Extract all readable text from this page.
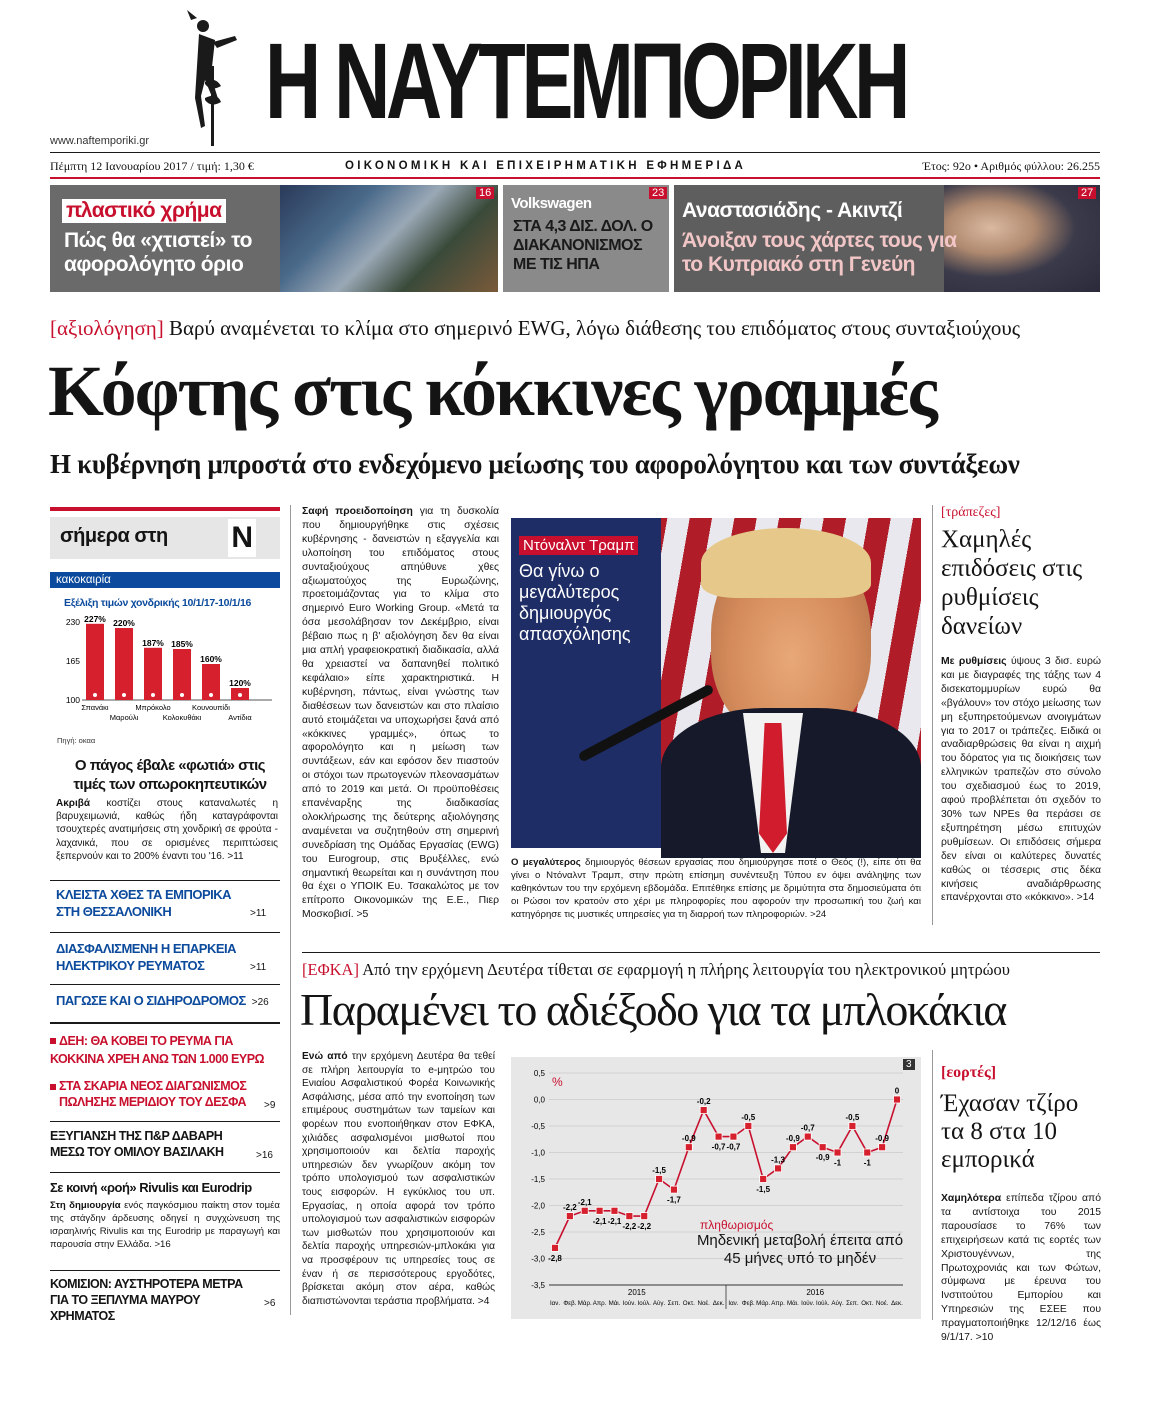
www.naftemporiki.gr Η ΝΑΥΤΕΜΠΟΡΙΚΗ
Πέμπτη 12 Ιανουαρίου 2017 / τιμή: 1,30 €	ΟΙΚΟΝΟΜΙΚΗ ΚΑΙ ΕΠΙΧΕΙΡΗΜΑΤΙΚΗ ΕΦΗΜΕΡΙΔΑ	Έτος: 92ο • Αριθμός φύλλου: 26.255
πλαστικό χρήμα
Πώς θα «χτιστεί» το αφορολόγητο όριο
16
Volkswagen
ΣΤΑ 4,3 ΔΙΣ. ΔΟΛ. Ο ΔΙΑΚΑΝΟΝΙΣΜΟΣ ΜΕ ΤΙΣ ΗΠΑ
23
Αναστασιάδης - Ακιντζί
Άνοιξαν τους χάρτες τους για το Κυπριακό στη Γενεύη
27
[αξιολόγηση] Βαρύ αναμένεται το κλίμα στο σημερινό EWG, λόγω διάθεσης του επιδόματος στους συνταξιούχους
Κόφτης στις κόκκινες γραμμές
Η κυβέρνηση μπροστά στο ενδεχόμενο μείωσης του αφορολόγητου και των συντάξεων
Σαφή προειδοποίηση για τη δυσκολία που δημιουργήθηκε στις σχέσεις κυβέρνησης - δανειστών η εξαγγελία και υλοποίηση του επιδόματος στους συνταξιούχους απηύθυνε χθες αξιωματούχος της Ευρωζώνης, προετοιμάζοντας για το κλίμα στο σημερινό Euro Working Group. «Μετά τα όσα μεσολάβησαν τον Δεκέμβριο, είναι βέβαιο πως η β' αξιολόγηση δεν θα είναι μια απλή γραφειοκρατική διαδικασία, αλλά θα χρειαστεί να δαπανηθεί πολιτικό κεφάλαιο» είπε χαρακτηριστικά. Η κυβέρνηση, πάντως, είναι γνώστης των διαθέσεων των δανειστών και στο πλαίσιο αυτό ετοιμάζεται να υποχωρήσει ξανά από «κόκκινες γραμμές», όπως το αφορολόγητο και η μείωση των συντάξεων, εάν και εφόσον δεν πιαστούν οι στόχοι των πρωτογενών πλεονασμάτων από το 2019 και μετά. Οι προϋποθέσεις επανέναρξης της διαδικασίας ολοκλήρωσης της δεύτερης αξιολόγησης αναμένεται να συζητηθούν στη σημερινή συνεδρίαση της Ομάδας Εργασίας (EWG) του Eurogroup, στις Βρυξέλλες, ενώ σημαντική θεωρείται και η συνάντηση που θα έχει ο ΥΠΟΙΚ Ευ. Τσακαλώτος με τον επίτροπο Οικονομικών της Ε.Ε., Πιερ Μοσκοβισί. >5
Ντόναλντ Τραμπ
Θα γίνω ο μεγαλύτερος δημιουργός απασχόλησης
Ο μεγαλύτερος δημιουργός θέσεων εργασίας που δημιούργησε ποτέ ο Θεός (!), είπε ότι θα γίνει ο Ντόναλντ Τραμπ, στην πρώτη επίσημη συνέντευξη Τύπου εν όψει ανάληψης των καθηκόντων του την ερχόμενη εβδομάδα. Επιτέθηκε επίσης με δριμύτητα στα δημοσιεύματα ότι οι Ρώσοι τον κρατούν στο χέρι με πληροφορίες που αφορούν την προσωπική του ζωή και κατηγόρησε τις μυστικές υπηρεσίες για τη διαρροή των πληροφοριών. >24
[τράπεζες]
Χαμηλές επιδόσεις στις ρυθμίσεις δανείων
Με ρυθμίσεις ύψους 3 δισ. ευρώ και με διαγραφές της τάξης των 4 δισεκατομμυρίων ευρώ θα «βγάλουν» τον στόχο μείωσης των μη εξυπηρετούμενων ανοιγμάτων για το 2017 οι τράπεζες. Ειδικά οι αναδιαρθρώσεις θα είναι η αιχμή του δόρατος για τις διοικήσεις των ελληνικών τραπεζών στο σύνολο του σχεδιασμού έως το 2019, αφού προβλέπεται ότι σχεδόν το 30% των NPEs θα περάσει σε εξυπηρέτηση μέσω επιτυχών ρυθμίσεων. Οι επιδόσεις σήμερα δεν είναι οι καλύτερες δυνατές καθώς οι τέσσερις στις δέκα κινήσεις αναδιάρθρωσης επανέρχονται στο «κόκκινο». >14
σήμερα στη Ν
κακοκαιρία
Εξέλιξη τιμών χονδρικής 10/1/17-10/1/16
230
165
100
227%
Σπανάκι
220%
Μαρούλι
187%
Μπρόκολο
185%
Κολοκυθάκι
160%
Κουνουπίδι
120%
Αντίδια
Πηγή: οκαα
Ο πάγος έβαλε «φωτιά» στις τιμές των οπωροκηπευτικών
Ακριβά κοστίζει στους καταναλωτές η βαρυχειμωνιά, καθώς ήδη καταγράφονται τσουχτερές ανατιμήσεις στη χονδρική σε φρούτα - λαχανικά, που σε ορισμένες περιπτώσεις ξεπερνούν και το 200% έναντι του '16. >11
ΚΛΕΙΣΤΑ ΧΘΕΣ ΤΑ ΕΜΠΟΡΙΚΑ ΣΤΗ ΘΕΣΣΑΛΟΝΙΚΗ	>11
ΔΙΑΣΦΑΛΙΣΜΕΝΗ Η ΕΠΑΡΚΕΙΑ ΗΛΕΚΤΡΙΚΟΥ ΡΕΥΜΑΤΟΣ	>11
ΠΑΓΩΣΕ ΚΑΙ Ο ΣΙΔΗΡΟΔΡΟΜΟΣ >26
ΔΕΗ: ΘΑ ΚΟΒΕΙ ΤΟ ΡΕΥΜΑ ΓΙΑ ΚΟΚΚΙΝΑ ΧΡΕΗ ΑΝΩ ΤΩΝ 1.000 ΕΥΡΩ
ΣΤΑ ΣΚΑΡΙΑ ΝΕΟΣ ΔΙΑΓΩΝΙΣΜΟΣ ΠΩΛΗΣΗΣ ΜΕΡΙΔΙΟΥ ΤΟΥ ΔΕΣΦΑ >9
ΕΞΥΓΙΑΝΣΗ ΤΗΣ Π&Ρ ΔΑΒΑΡΗ ΜΕΣΩ ΤΟΥ ΟΜΙΛΟΥ ΒΑΣΙΛΑΚΗ	>16
Σε κοινή «ροή» Rivulis και Eurodrip
Στη δημιουργία ενός παγκόσμιου παίκτη στον τομέα της στάγδην άρδευσης οδηγεί η συγχώνευση της ισραηλινής Rivulis και της Eurodrip με παραγωγή και παρουσία στην Ελλάδα. >16
ΚΟΜΙΣΙΟΝ: ΑΥΣΤΗΡΟΤΕΡΑ ΜΕΤΡΑ ΓΙΑ ΤΟ ΞΕΠΛΥΜΑ ΜΑΥΡΟΥ ΧΡΗΜΑΤΟΣ
>6
[ΕΦΚΑ] Από την ερχόμενη Δευτέρα τίθεται σε εφαρμογή η πλήρης λειτουργία του ηλεκτρονικού μητρώου
Παραμένει το αδιέξοδο για τα μπλοκάκια
Ενώ από την ερχόμενη Δευτέρα θα τεθεί σε πλήρη λειτουργία το e-μητρώο του Ενιαίου Ασφαλιστικού Φορέα Κοινωνικής Ασφάλισης, μέσα από την ενοποίηση των επιμέρους συστημάτων των ταμείων και φορέων που ενοποιήθηκαν στον ΕΦΚΑ, χιλιάδες ασφαλισμένοι μισθωτοί που χρησιμοποιούν και δελτία παροχής υπηρεσιών δεν γνωρίζουν ακόμη τον τρόπο υπολογισμού των ασφαλιστικών τους εισφορών. Η εγκύκλιος του υπ. Εργασίας, η οποία αφορά τον τρόπο υπολογισμού των ασφαλιστικών εισφορών των μισθωτών που χρησιμοποιούν και δελτία παροχής υπηρεσιών-μπλοκάκι για να προσφέρουν τις υπηρεσίες τους σε έναν ή σε περισσότερους εργοδότες, βρίσκεται ακόμη στον αέρα, καθώς διαπιστώνονται τεράστια προβλήματα. >4
0,5
0,0
-0,5
-1,0
-1,5
-2,0
-2,5
-3,0
-3,5
-2,8
Ιαν.
-2,2
Φεβ.
-2,1
Μάρ.
-2,1
Απρ.
-2,1
Μάι.
-2,2
Ιούν.
-2,2
Ιούλ.
-1,5
Αύγ.
-1,7
Σεπ.
-0,9
Οκτ.
-0,2
Νοέ.
-0,7
Δεκ.
-0,7
Ιαν.
-0,5
Φεβ.
-1,5
Μάρ.
-1,3
Απρ.
-0,9
Μάι.
-0,7
Ιούν.
-0,9
Ιούλ.
-1
Αύγ.
-0,5
Σεπ.
-1
Οκτ.
-0,9
Νοέ.
0
Δεκ.
2015	2016
%
3
πληθωρισμός
Μηδενική μεταβολή έπειτα από 45 μήνες υπό το μηδέν
[εορτές]
Έχασαν τζίρο τα 8 στα 10 εμπορικά
Χαμηλότερα επίπεδα τζίρου από τα αντίστοιχα του 2015 παρουσίασε το 76% των επιχειρήσεων κατά τις εορτές των Χριστουγέννων, της Πρωτοχρονιάς και των Φώτων, σύμφωνα με έρευνα του Ινστιτούτου Εμπορίου και Υπηρεσιών της ΕΣΕΕ που πραγματοποιήθηκε 12/12/16 έως 9/1/17. >10
